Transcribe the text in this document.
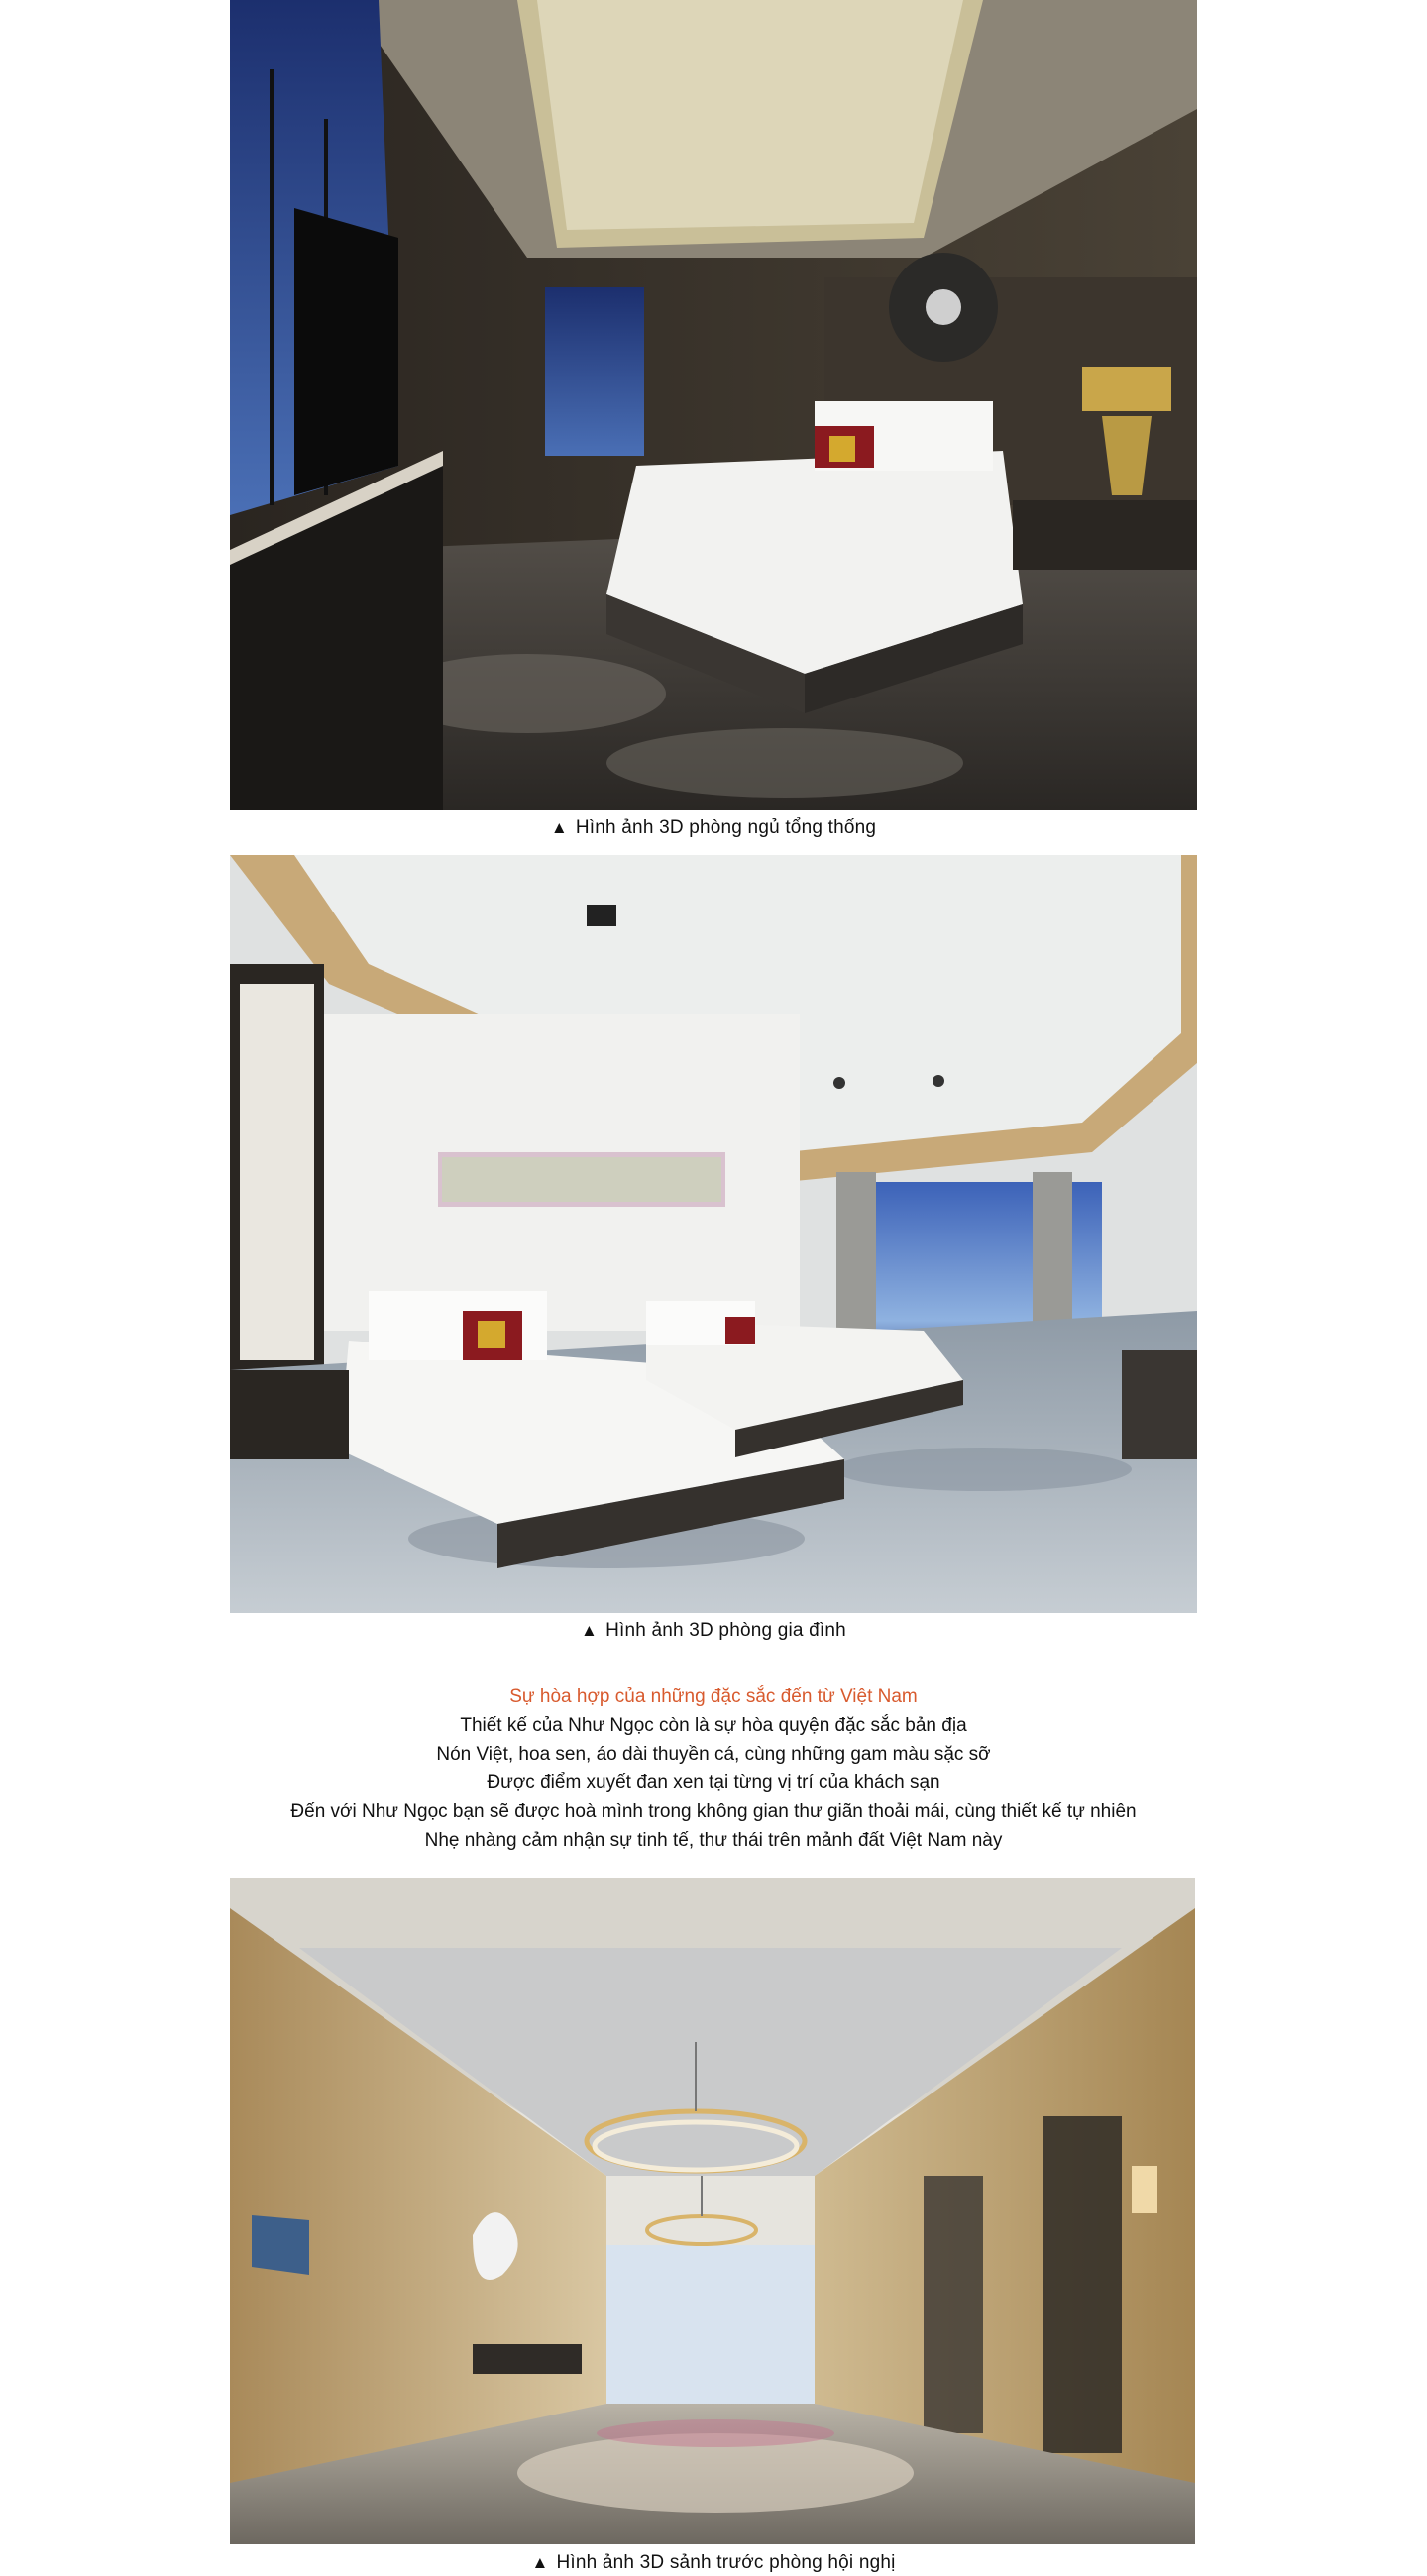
▲ Hình ảnh 3D phòng ngủ tổng thống
▲ Hình ảnh 3D phòng gia đình
Sự hòa hợp của những đặc sắc đến từ Việt Nam
Thiết kế của Như Ngọc còn là sự hòa quyện đặc sắc bản địa
Nón Việt, hoa sen, áo dài thuyền cá, cùng những gam màu sặc sỡ
Được điểm xuyết đan xen tại từng vị trí của khách sạn
Đến với Như Ngọc bạn sẽ được hoà mình trong không gian thư giãn thoải mái, cùng thiết kế tự nhiên
Nhẹ nhàng cảm nhận sự tinh tế, thư thái trên mảnh đất Việt Nam này
▲ Hình ảnh 3D sảnh trước phòng hội nghị
